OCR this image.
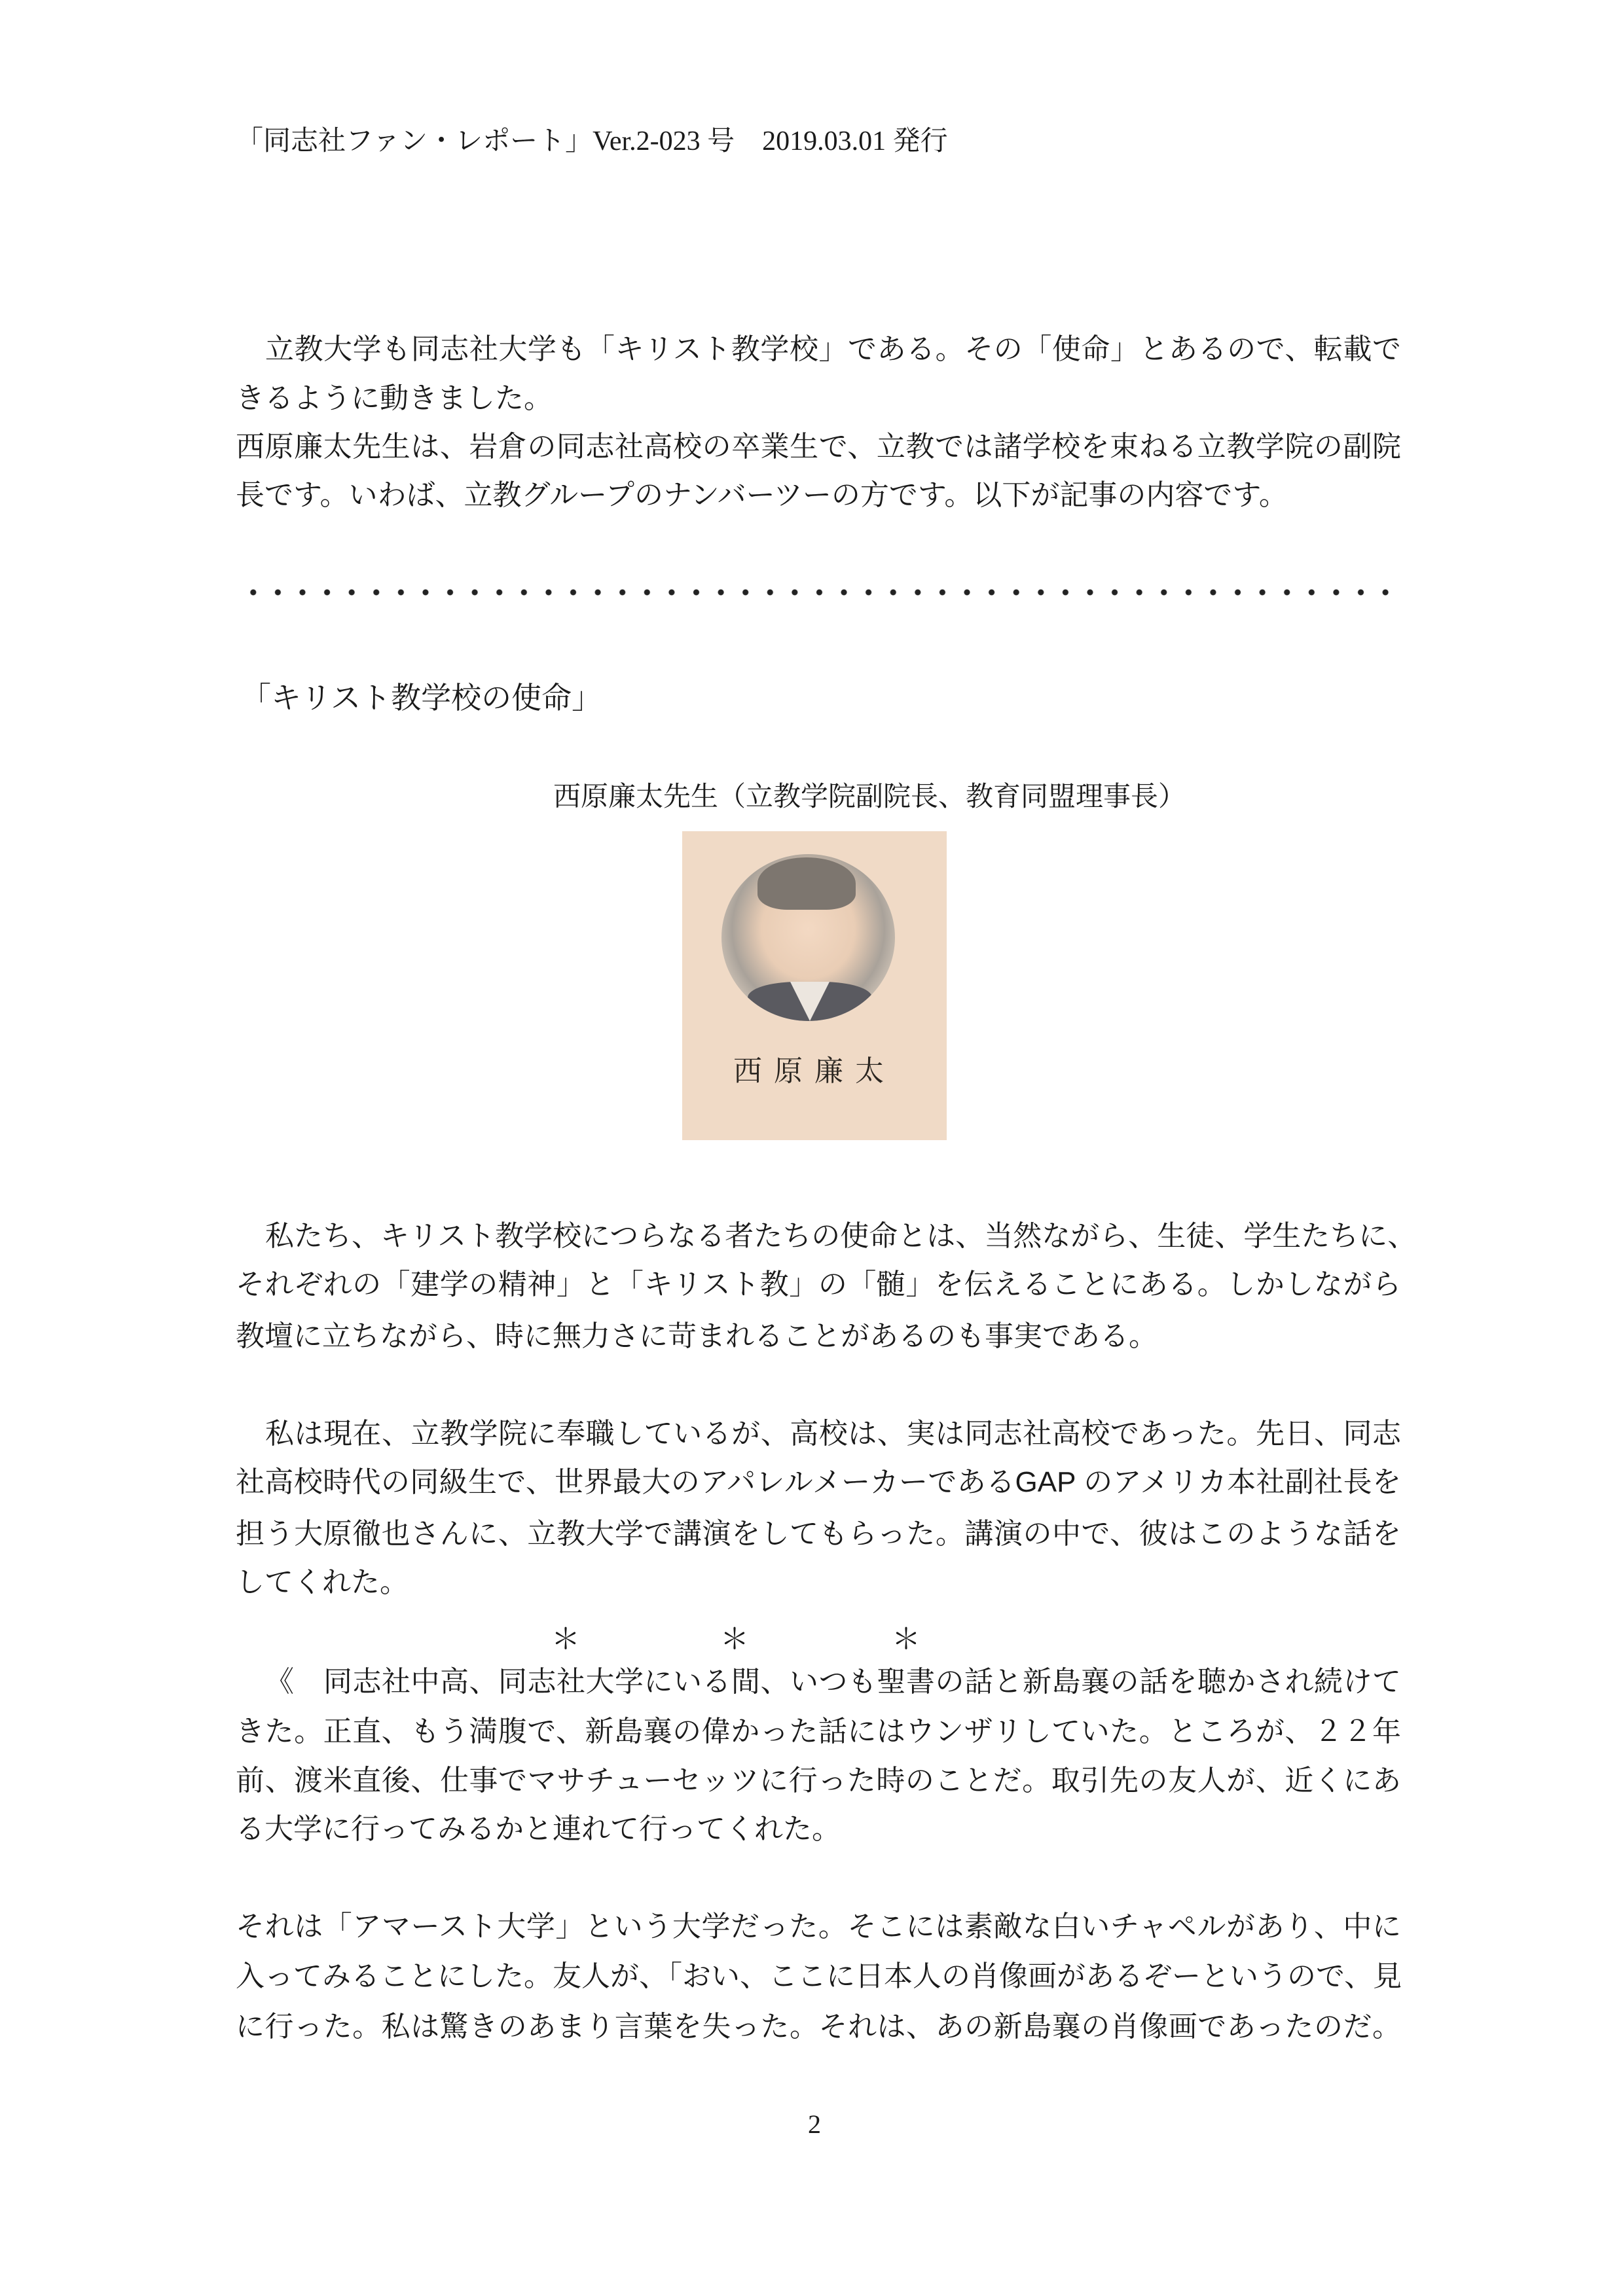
「同志社ファン・レポート」Ver.2-023 号　2019.03.01 発行
立教大学も同志社大学も「キリスト教学校」である。その「使命」とあるので、転載で
きるように動きました。
西原廉太先生は、岩倉の同志社高校の卒業生で、立教では諸学校を束ねる立教学院の副院
長です。いわば、立教グループのナンバーツーの方です。以下が記事の内容です。
「キリスト教学校の使命」
西原廉太先生（立教学院副院長、教育同盟理事長）
西原廉太
私たち、キリスト教学校につらなる者たちの使命とは、当然ながら、生徒、学生たちに、
それぞれの「建学の精神」と「キリスト教」の「髄」を伝えることにある。しかしながら
教壇に立ちながら、時に無力さに苛まれることがあるのも事実である。
私は現在、立教学院に奉職しているが、高校は、実は同志社高校であった。先日、同志
社高校時代の同級生で、世界最大のアパレルメーカーであるGAP のアメリカ本社副社長を
担う大原徹也さんに、立教大学で講演をしてもらった。講演の中で、彼はこのような話を
してくれた。
＊	＊	＊
《　同志社中高、同志社大学にいる間、いつも聖書の話と新島襄の話を聴かされ続けて
きた。正直、もう満腹で、新島襄の偉かった話にはウンザリしていた。ところが、２２年
前、渡米直後、仕事でマサチューセッツに行った時のことだ。取引先の友人が、近くにあ
る大学に行ってみるかと連れて行ってくれた。
それは「アマースト大学」という大学だった。そこには素敵な白いチャペルがあり、中に
入ってみることにした。友人が、「おい、ここに日本人の肖像画があるぞーというので、見
に行った。私は驚きのあまり言葉を失った。それは、あの新島襄の肖像画であったのだ。
2
